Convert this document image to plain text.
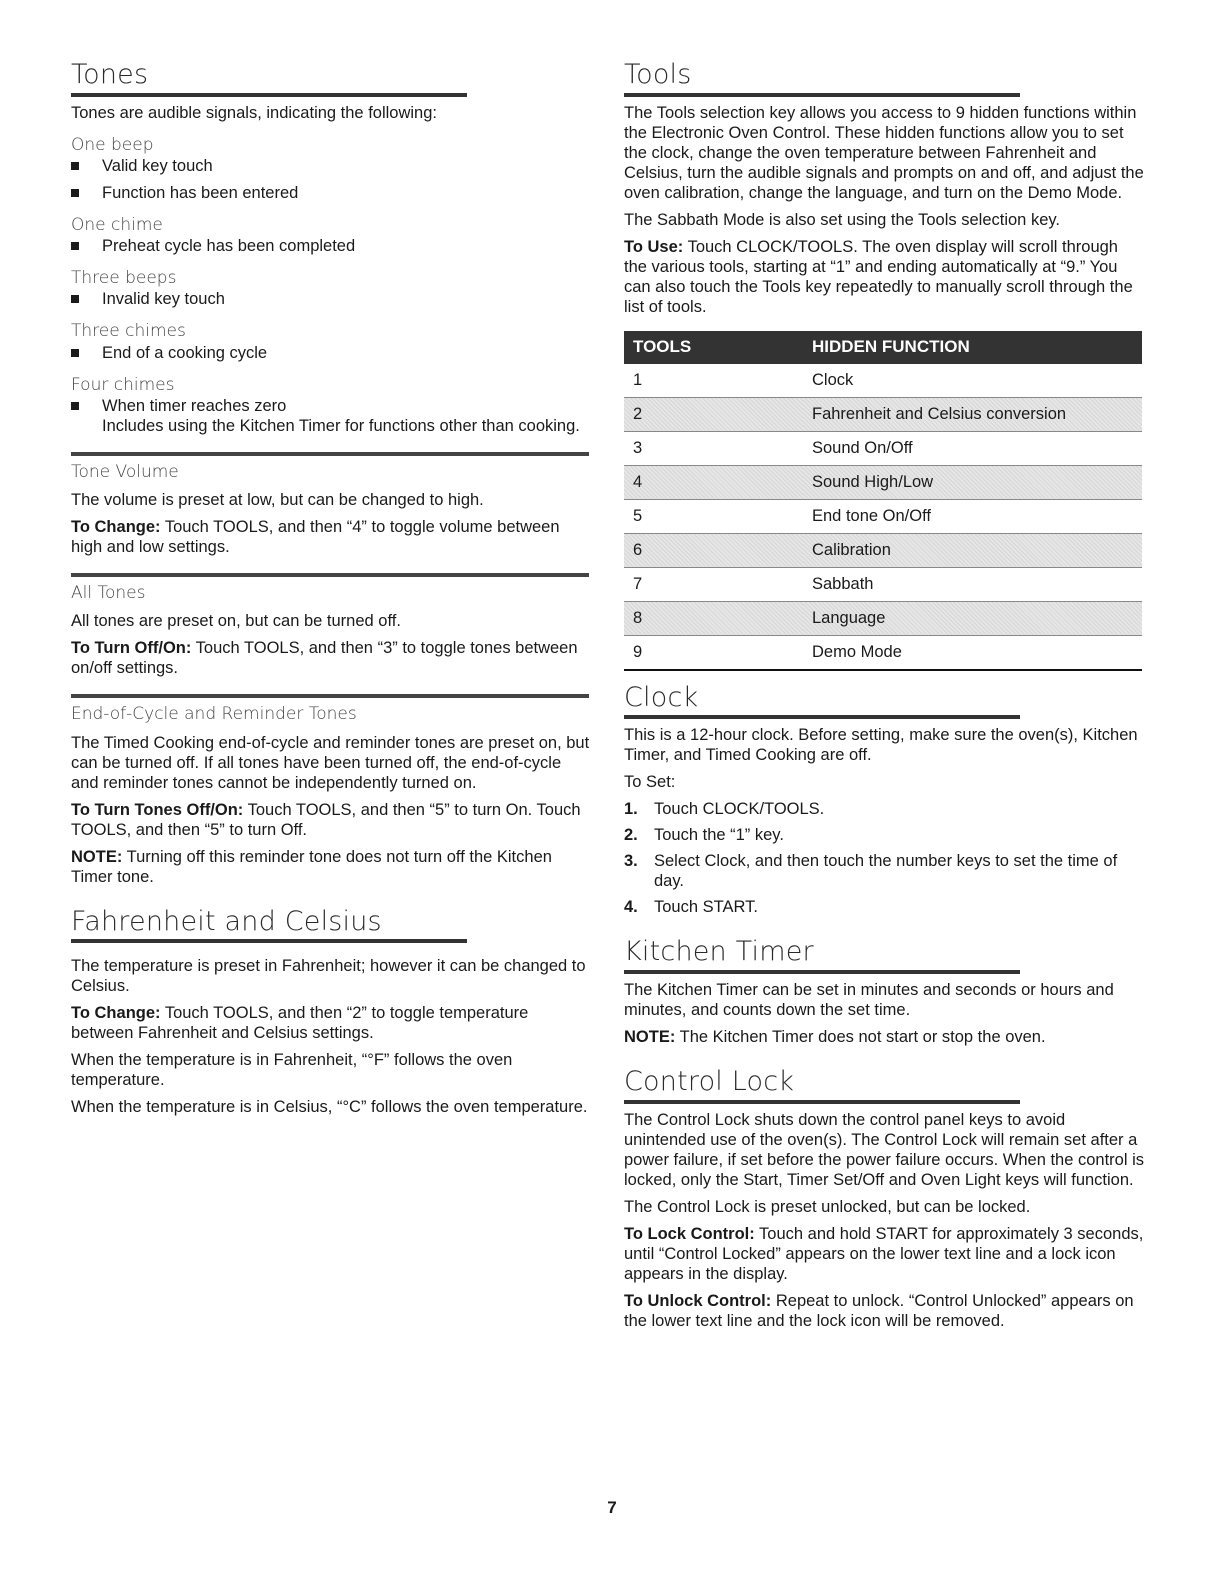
Tones

Tones are audible signals, indicating the following:

One beep
Valid key touch
Function has been entered
One chime
Preheat cycle has been completed
Three beeps
Invalid key touch
Three chimes
End of a cooking cycle
Four chimes
When timer reaches zero
Includes using the Kitchen Timer for functions other than cooking.
Tone Volume

The volume is preset at low, but can be changed to high.

To Change: Touch TOOLS, and then “4” to toggle volume between high and low settings.

All Tones

All tones are preset on, but can be turned off.

To Turn Off/On: Touch TOOLS, and then “3” to toggle tones between on/off settings.

End-of-Cycle and Reminder Tones

The Timed Cooking end-of-cycle and reminder tones are preset on, but can be turned off. If all tones have been turned off, the end-of-cycle and reminder tones cannot be independently turned on.

To Turn Tones Off/On: Touch TOOLS, and then “5” to turn On. Touch TOOLS, and then “5” to turn Off.

NOTE: Turning off this reminder tone does not turn off the Kitchen Timer tone.

Fahrenheit and Celsius

The temperature is preset in Fahrenheit; however it can be changed to Celsius.

To Change: Touch TOOLS, and then “2” to toggle temperature between Fahrenheit and Celsius settings.

When the temperature is in Fahrenheit, “°F” follows the oven temperature.

When the temperature is in Celsius, “°C” follows the oven temperature.

Tools

The Tools selection key allows you access to 9 hidden functions within the Electronic Oven Control. These hidden functions allow you to set the clock, change the oven temperature between Fahrenheit and Celsius, turn the audible signals and prompts on and off, and adjust the oven calibration, change the language, and turn on the Demo Mode.

The Sabbath Mode is also set using the Tools selection key.

To Use: Touch CLOCK/TOOLS. The oven display will scroll through the various tools, starting at “1” and ending automatically at “9.” You can also touch the Tools key repeatedly to manually scroll through the list of tools.

TOOLS	HIDDEN FUNCTION
1	Clock
2	Fahrenheit and Celsius conversion
3	Sound On/Off
4	Sound High/Low
5	End tone On/Off
6	Calibration
7	Sabbath
8	Language
9	Demo Mode
Clock

This is a 12-hour clock. Before setting, make sure the oven(s), Kitchen Timer, and Timed Cooking are off.

To Set:

1. Touch CLOCK/TOOLS.
2. Touch the “1” key.
3. Select Clock, and then touch the number keys to set the time of day.
4. Touch START.
Kitchen Timer

The Kitchen Timer can be set in minutes and seconds or hours and minutes, and counts down the set time.

NOTE: The Kitchen Timer does not start or stop the oven.

Control Lock

The Control Lock shuts down the control panel keys to avoid unintended use of the oven(s). The Control Lock will remain set after a power failure, if set before the power failure occurs. When the control is locked, only the Start, Timer Set/Off and Oven Light keys will function.

The Control Lock is preset unlocked, but can be locked.

To Lock Control: Touch and hold START for approximately 3 seconds, until “Control Locked” appears on the lower text line and a lock icon appears in the display.

To Unlock Control: Repeat to unlock. “Control Unlocked” appears on the lower text line and the lock icon will be removed.

7
